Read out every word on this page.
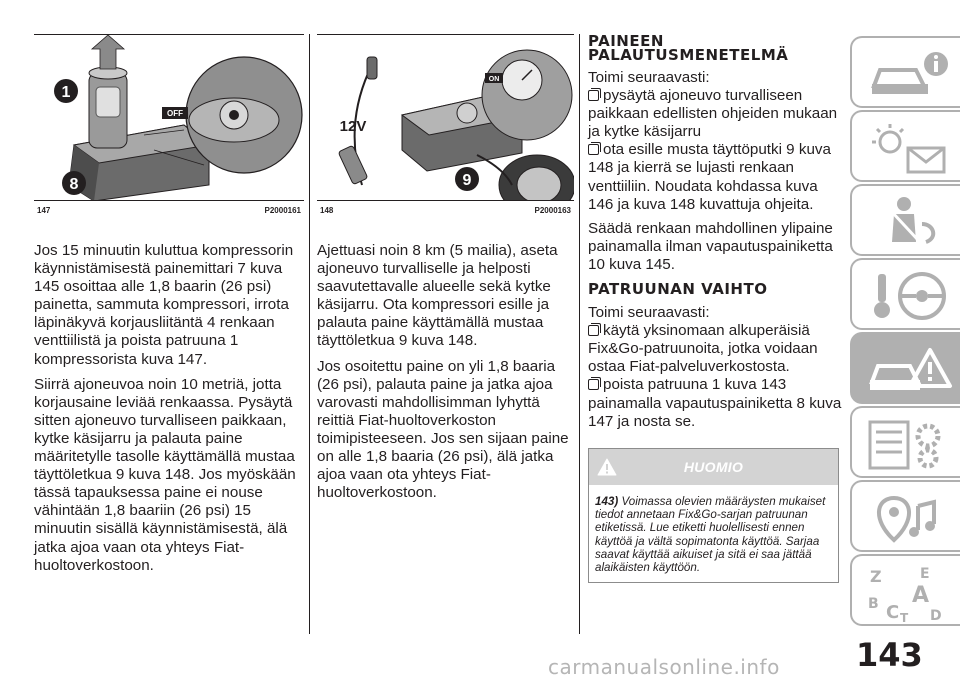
OFF
1
8
147	P2000161
12V
ON
9
148	P2000163

Jos 15 minuutin kuluttua kompressorin käynnistämisestä painemittari 7 kuva 145 osoittaa alle 1,8 baarin (26 psi) painetta, sammuta kompressori, irrota läpinäkyvä korjausliitäntä 4 renkaan venttiilistä ja poista patruuna 1 kompressorista kuva 147.

Siirrä ajoneuvoa noin 10 metriä, jotta korjausaine leviää renkaassa. Pysäytä sitten ajoneuvo turvalliseen paikkaan, kytke käsijarru ja palauta paine määritetylle tasolle käyttämällä mustaa täyttöletkua 9 kuva 148. Jos myöskään tässä tapauksessa paine ei nouse vähintään 1,8 baariin (26 psi) 15 minuutin sisällä käynnistämisestä, älä jatka ajoa vaan ota yhteys Fiat-huoltoverkostoon.

Ajettuasi noin 8 km (5 mailia), aseta ajoneuvo turvalliselle ja helposti saavutettavalle alueelle sekä kytke käsijarru. Ota kompressori esille ja palauta paine käyttämällä mustaa täyttöletkua 9 kuva 148.

Jos osoitettu paine on yli 1,8 baaria (26 psi), palauta paine ja jatka ajoa varovasti mahdollisimman lyhyttä reittiä Fiat-huoltoverkoston toimipisteeseen. Jos sen sijaan paine on alle 1,8 baaria (26 psi), älä jatka ajoa vaan ota yhteys Fiat-huoltoverkostoon.

PAINEEN
PALAUTUSMENETELMÄ

Toimi seuraavasti:

pysäytä ajoneuvo turvalliseen paikkaan edellisten ohjeiden mukaan ja kytke käsijarru
ota esille musta täyttöputki 9 kuva 148 ja kierrä se lujasti renkaan venttiiliin. Noudata kohdassa kuva 146 ja kuva 148 kuvattuja ohjeita.

Säädä renkaan mahdollinen ylipaine painamalla ilman vapautuspainiketta 10 kuva 145.

PATRUUNAN VAIHTO

Toimi seuraavasti:

käytä yksinomaan alkuperäisiä Fix&Go-patruunoita, jotka voidaan ostaa Fiat-palveluverkostosta.
poista patruuna 1 kuva 143 painamalla vapautuspainiketta 8 kuva 147 ja nosta se.
HUOMIO
143) Voimassa olevien määräysten mukaiset tiedot annetaan Fix&Go-sarjan patruunan etiketissä. Lue etiketti huolellisesti ennen käyttöä ja vältä sopimatonta käyttöä. Sarjaa saavat käyttää aikuiset ja sitä ei saa jättää alaikäisten käyttöön.	Z	E
A
B C T D
143
carmanualsonline.info
